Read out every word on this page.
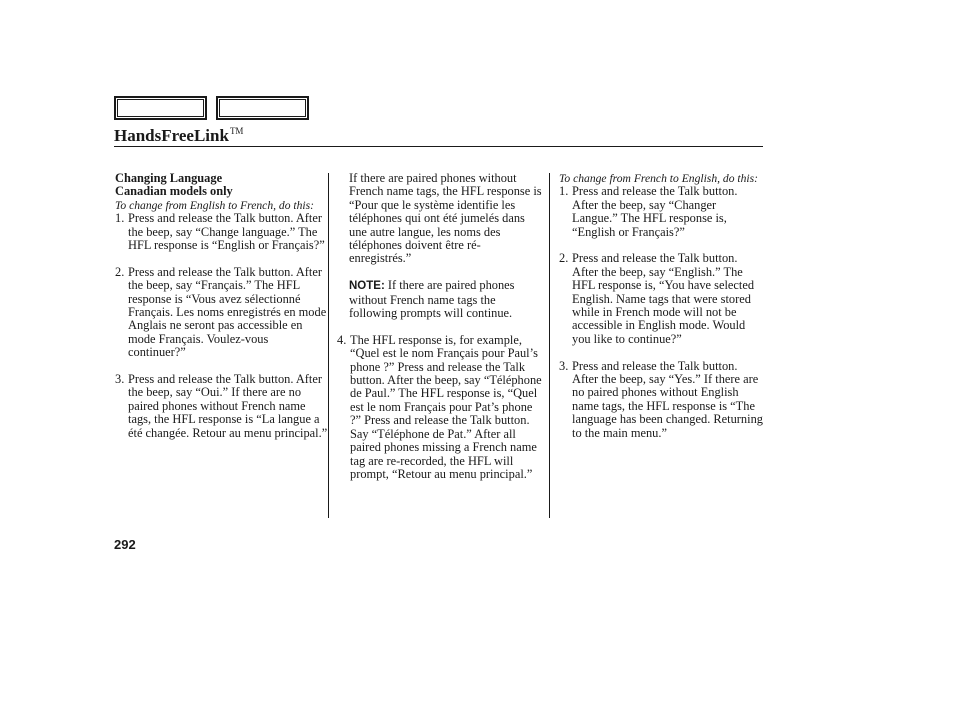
HandsFreeLink™
Changing Language
Canadian models only
To change from English to French, do this:
1. Press and release the Talk button. After the beep, say “Change language.” The HFL response is “English or Français?”
2. Press and release the Talk button. After the beep, say “Français.” The HFL response is “Vous avez sélectionné Français. Les noms enregistrés en mode Anglais ne seront pas accessible en mode Français. Voulez-vous continuer?”
3. Press and release the Talk button. After the beep, say “Oui.” If there are no paired phones without French name tags, the HFL response is “La langue a été changée. Retour au menu principal.”
If there are paired phones without French name tags, the HFL response is “Pour que le système identifie les téléphones qui ont été jumelés dans une autre langue, les noms des téléphones doivent être ré-enregistrés.”
NOTE: If there are paired phones without French name tags the following prompts will continue.
4. The HFL response is, for example, “Quel est le nom Français pour Paul’s phone ?” Press and release the Talk button. After the beep, say “Téléphone de Paul.” The HFL response is, “Quel est le nom Français pour Pat’s phone ?” Press and release the Talk button. Say “Téléphone de Pat.” After all paired phones missing a French name tag are re-recorded, the HFL will prompt, “Retour au menu principal.”
To change from French to English, do this:
1. Press and release the Talk button. After the beep, say “Changer Langue.” The HFL response is, “English or Français?”
2. Press and release the Talk button. After the beep, say “English.” The HFL response is, “You have selected English. Name tags that were stored while in French mode will not be accessible in English mode. Would you like to continue?”
3. Press and release the Talk button. After the beep, say “Yes.” If there are no paired phones without English name tags, the HFL response is “The language has been changed. Returning to the main menu.”
292
